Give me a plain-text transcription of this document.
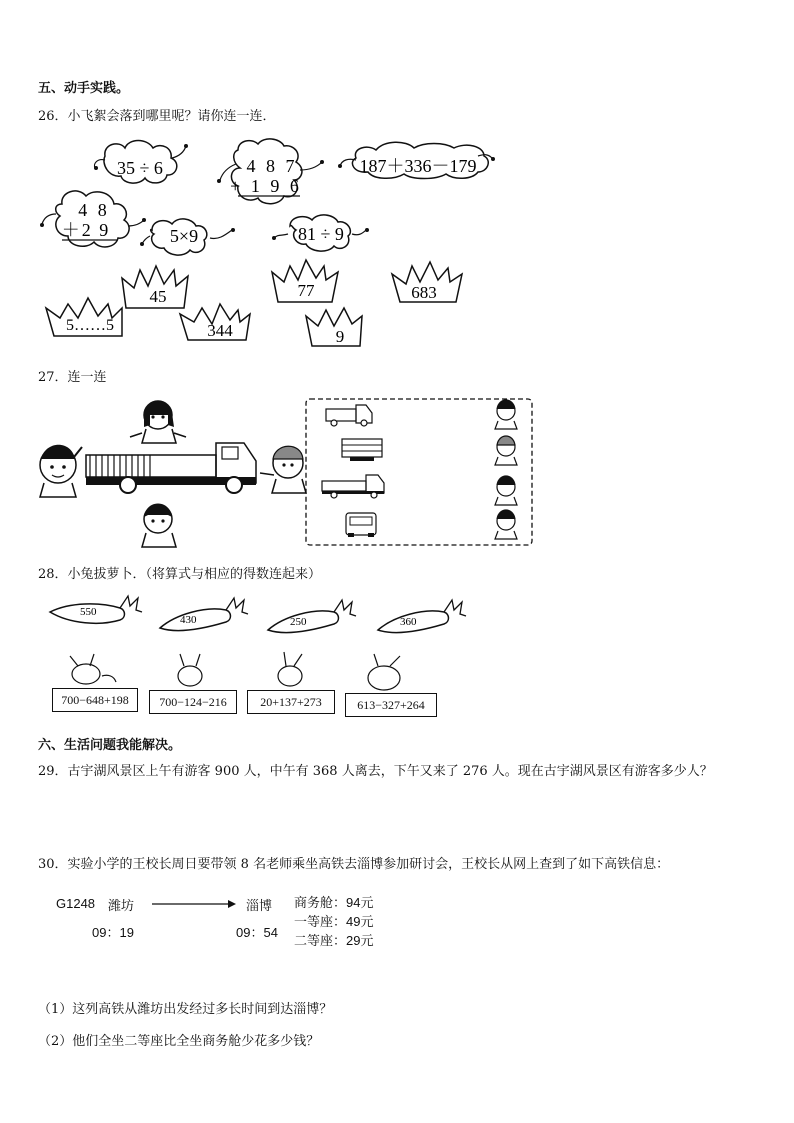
五、动手实践。
26．小飞絮会落到哪里呢？请你连一连．
35 ÷ 6	4 8 7
+ 1 9 6
187＋336－179
4 8
＋2 9	5×9	81 ÷ 9
45	77	683
5……5	344	9
27．连一连
28．小兔拔萝卜．（将算式与相应的得数连起来）
550
430	250	360
700−648+198	700−124−216	20+137+273	613−327+264
六、生活问题我能解决。
29．古宇湖风景区上午有游客 900 人，中午有 368 人离去，下午又来了 276 人。现在古宇湖风景区有游客多少人？
30．实验小学的王校长周日要带领 8 名老师乘坐高铁去淄博参加研讨会，王校长从网上查到了如下高铁信息：
G1248 潍坊	淄博
09：19	09：54
商务舱：94元
一等座：49元
二等座：29元
（1）这列高铁从潍坊出发经过多长时间到达淄博？
（2）他们全坐二等座比全坐商务舱少花多少钱？
